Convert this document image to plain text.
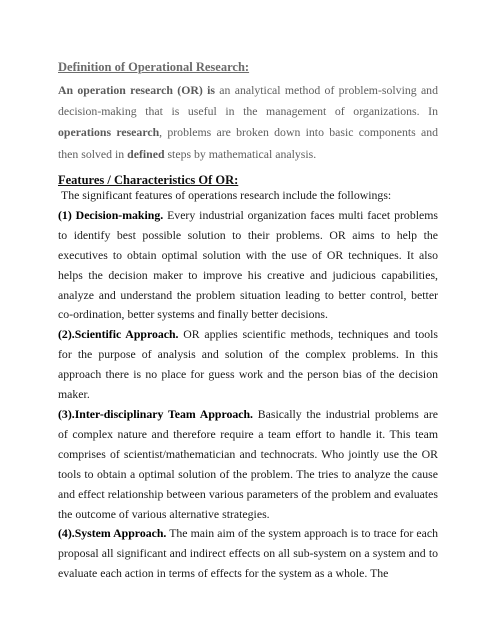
Definition of Operational Research:
An operation research (OR) is an analytical method of problem-solving and decision-making that is useful in the management of organizations. In operations research, problems are broken down into basic components and then solved in defined steps by mathematical analysis.
Features / Characteristics Of OR:

The significant features of operations research include the followings:

(1) Decision-making. Every industrial organization faces multi facet problems to identify best possible solution to their problems. OR aims to help the executives to obtain optimal solution with the use of OR techniques. It also helps the decision maker to improve his creative and judicious capabilities, analyze and understand the problem situation leading to better control, better co-ordination, better systems and finally better decisions.

(2).Scientific Approach. OR applies scientific methods, techniques and tools for the purpose of analysis and solution of the complex problems. In this approach there is no place for guess work and the person bias of the decision maker.

(3).Inter-disciplinary Team Approach. Basically the industrial problems are of complex nature and therefore require a team effort to handle it. This team comprises of scientist/mathematician and technocrats. Who jointly use the OR tools to obtain a optimal solution of the problem. The tries to analyze the cause and effect relationship between various parameters of the problem and evaluates the outcome of various alternative strategies.

(4).System Approach. The main aim of the system approach is to trace for each proposal all significant and indirect effects on all sub-system on a system and to evaluate each action in terms of effects for the system as a whole. The
